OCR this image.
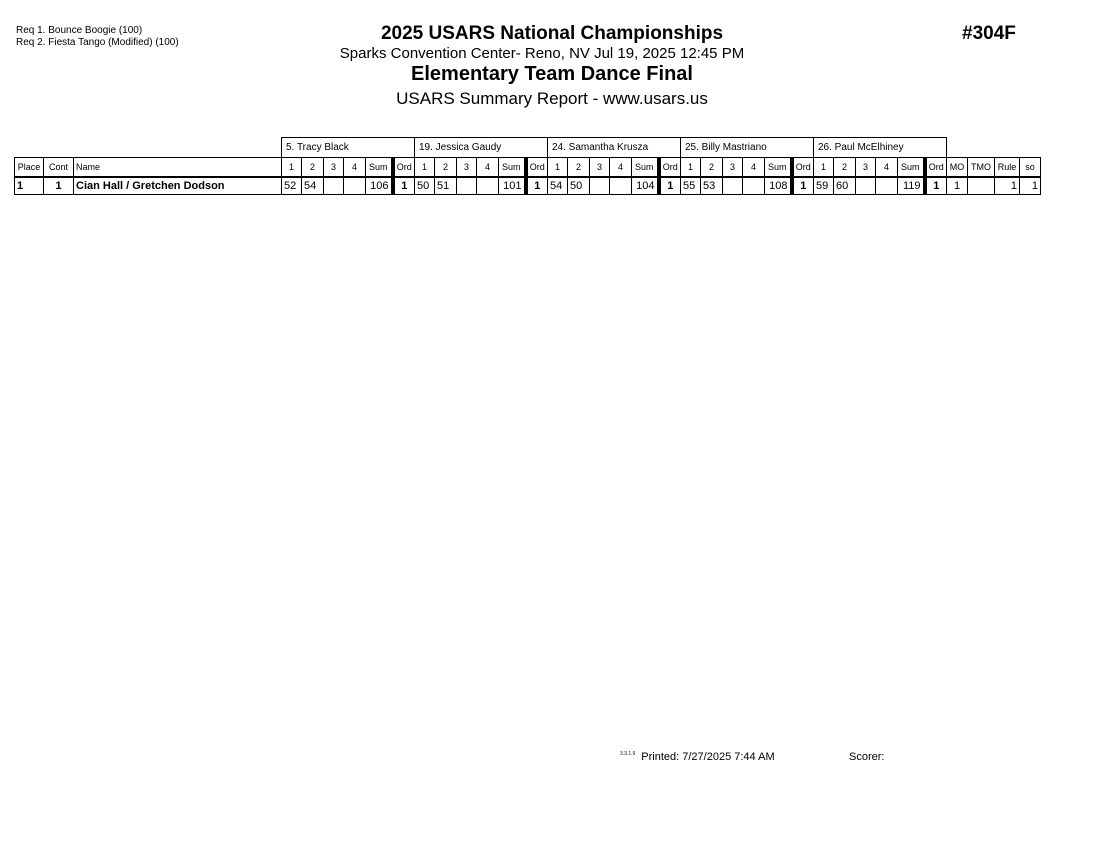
Req 1. Bounce Boogie (100)
Req 2. Fiesta Tango (Modified) (100)	2025 USARS National Championships
Sparks Convention Center- Reno, NV Jul 19, 2025 12:45 PM
Elementary Team Dance Final
USARS Summary Report - www.usars.us
#304F
			5. Tracy Black						19. Jessica Gaudy						24. Samantha Krusza						25. Billy Mastriano						26. Paul McElhiney									
Place	Cont	Name	1	2	3	4	Sum	Ord	1	2	3	4	Sum	Ord	1	2	3	4	Sum	Ord	1	2	3	4	Sum	Ord	1	2	3	4	Sum	Ord	MO	TMO	Rule	so
1	1	Cian Hall / Gretchen Dodson	52	54			106	1	50	51			101	1	54	50			104	1	55	53			108	1	59	60			119	1	1		1	1
$^{3.3.1.9}$ Printed: 7/27/2025 7:44 AM	Scorer:
